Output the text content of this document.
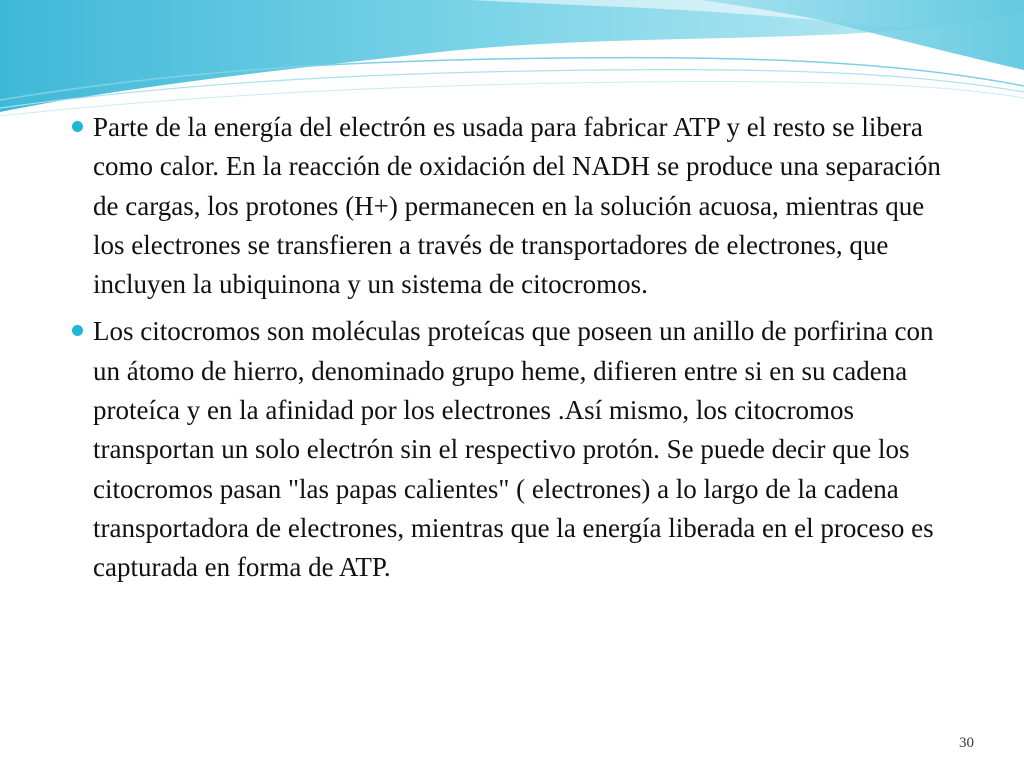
Parte de la energía del electrón es usada para fabricar ATP y el resto se libera como calor. En la reacción de oxidación del NADH se produce una separación de cargas, los protones (H+) permanecen en la solución acuosa, mientras que los electrones se transfieren a través de transportadores de electrones, que incluyen la ubiquinona y un sistema de citocromos.
Los citocromos son moléculas proteícas que poseen un anillo de porfirina con un átomo de hierro, denominado grupo heme, difieren entre si en su cadena proteíca y en la afinidad por los electrones .Así mismo, los citocromos transportan un solo electrón sin el respectivo protón. Se puede decir que los citocromos pasan "las papas calientes" ( electrones) a lo largo de la cadena transportadora de electrones, mientras que la energía liberada en el proceso es capturada en forma de ATP.
30
